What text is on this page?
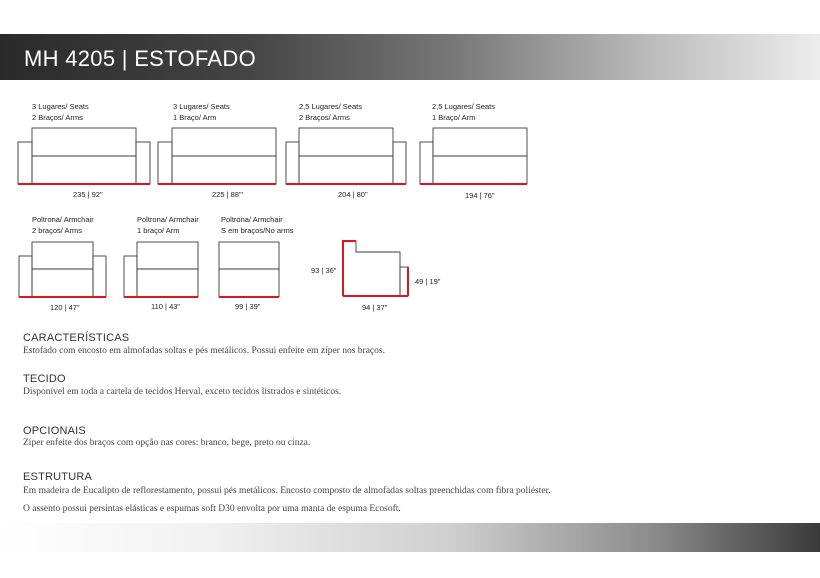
MH 4205 | ESTOFADO
3 Lugares/ Seats
2 Braços/ Arms
3 Lugares/ Seats
1 Braço/ Arm
2,5 Lugares/ Seats
2 Braços/ Arms
2,5 Lugares/ Seats
1 Braço/ Arm
Poltrona/ Armchair
2 braços/ Arms
Poltrona/ Armchair
1 braço/ Arm
Poltrona/ Armchair
S em braços/No arms
235 | 92"	225 | 88"'	204 | 80"	194 | 76"
120 | 47"	110 | 43"	99 | 39"
93 | 36"
49 | 19"
94 | 37"
CARACTERÍSTICAS
Estofado com encosto em almofadas soltas e pés metálicos. Possui enfeite em zíper nos braços.
TECIDO
Disponível em toda a cartela de tecidos Herval, exceto tecidos listrados e sintéticos.
OPCIONAIS
Zíper enfeite dos braços com opção nas cores: branco, bege, preto ou cinza.
ESTRUTURA
Em madeira de Eucalipto de reflorestamento, possui pés metálicos. Encosto composto de almofadas soltas preenchidas com fibra poliéster.
O assento possui persintas elásticas e espumas soft D30 envolta por uma manta de espuma Ecosoft.
